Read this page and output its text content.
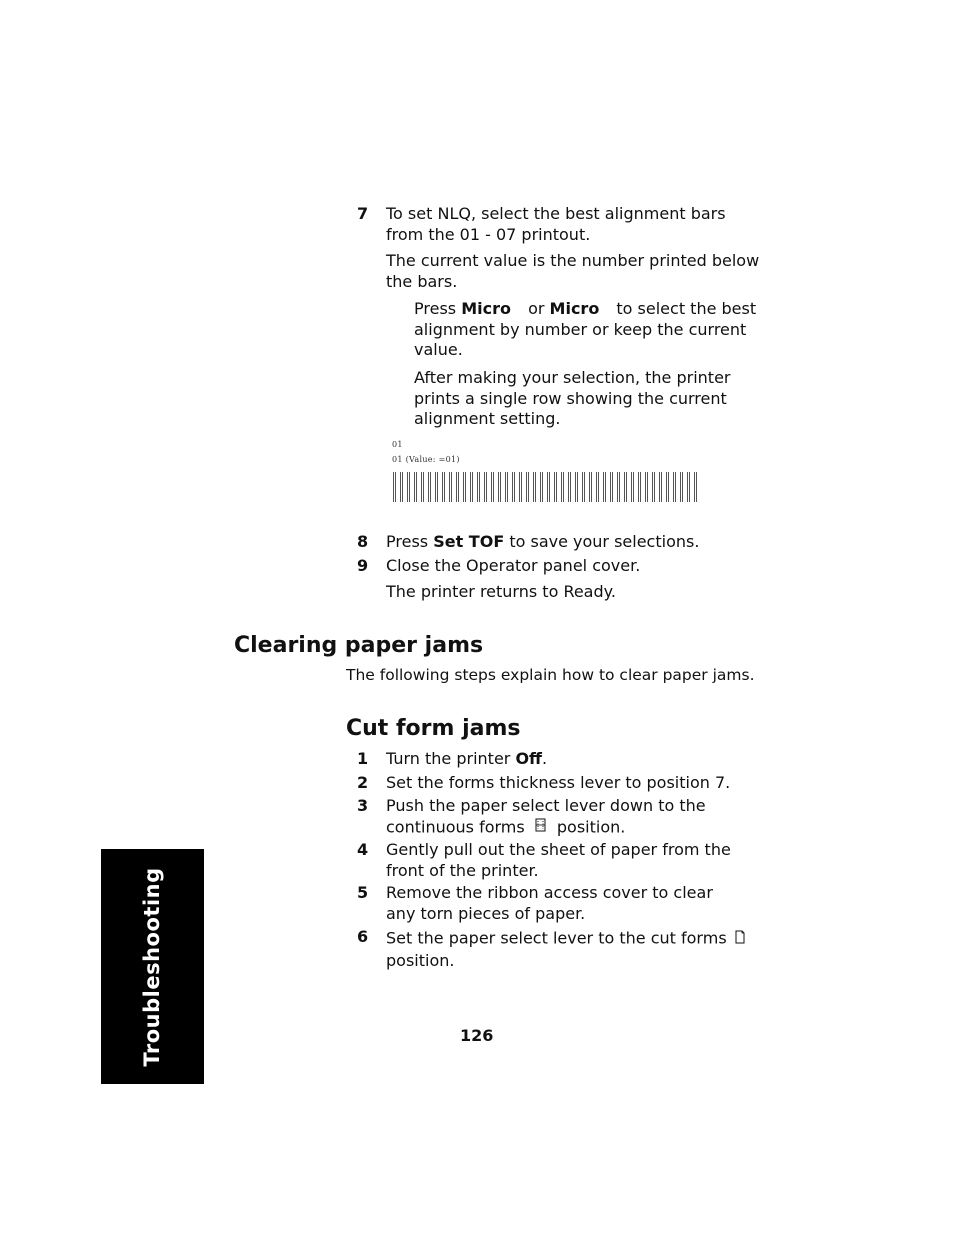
7 To set NLQ, select the best alignment bars from the 01 - 07 printout.
The current value is the number printed below the bars.
Press Micro or Micro to select the best alignment by number or keep the current value.
After making your selection, the printer prints a single row showing the current alignment setting.
01
01 (Value: =01)
8 Press Set TOF to save your selections.
9 Close the Operator panel cover.
The printer returns to Ready.
Clearing paper jams
The following steps explain how to clear paper jams.
Cut form jams
1 Turn the printer Off.
2 Set the forms thickness lever to position 7.
3 Push the paper select lever down to the continuous forms  position.
4 Gently pull out the sheet of paper from the front of the printer.
5 Remove the ribbon access cover to clear any torn pieces of paper.
6 Set the paper select lever to the cut forms
position.
126
Troubleshooting
